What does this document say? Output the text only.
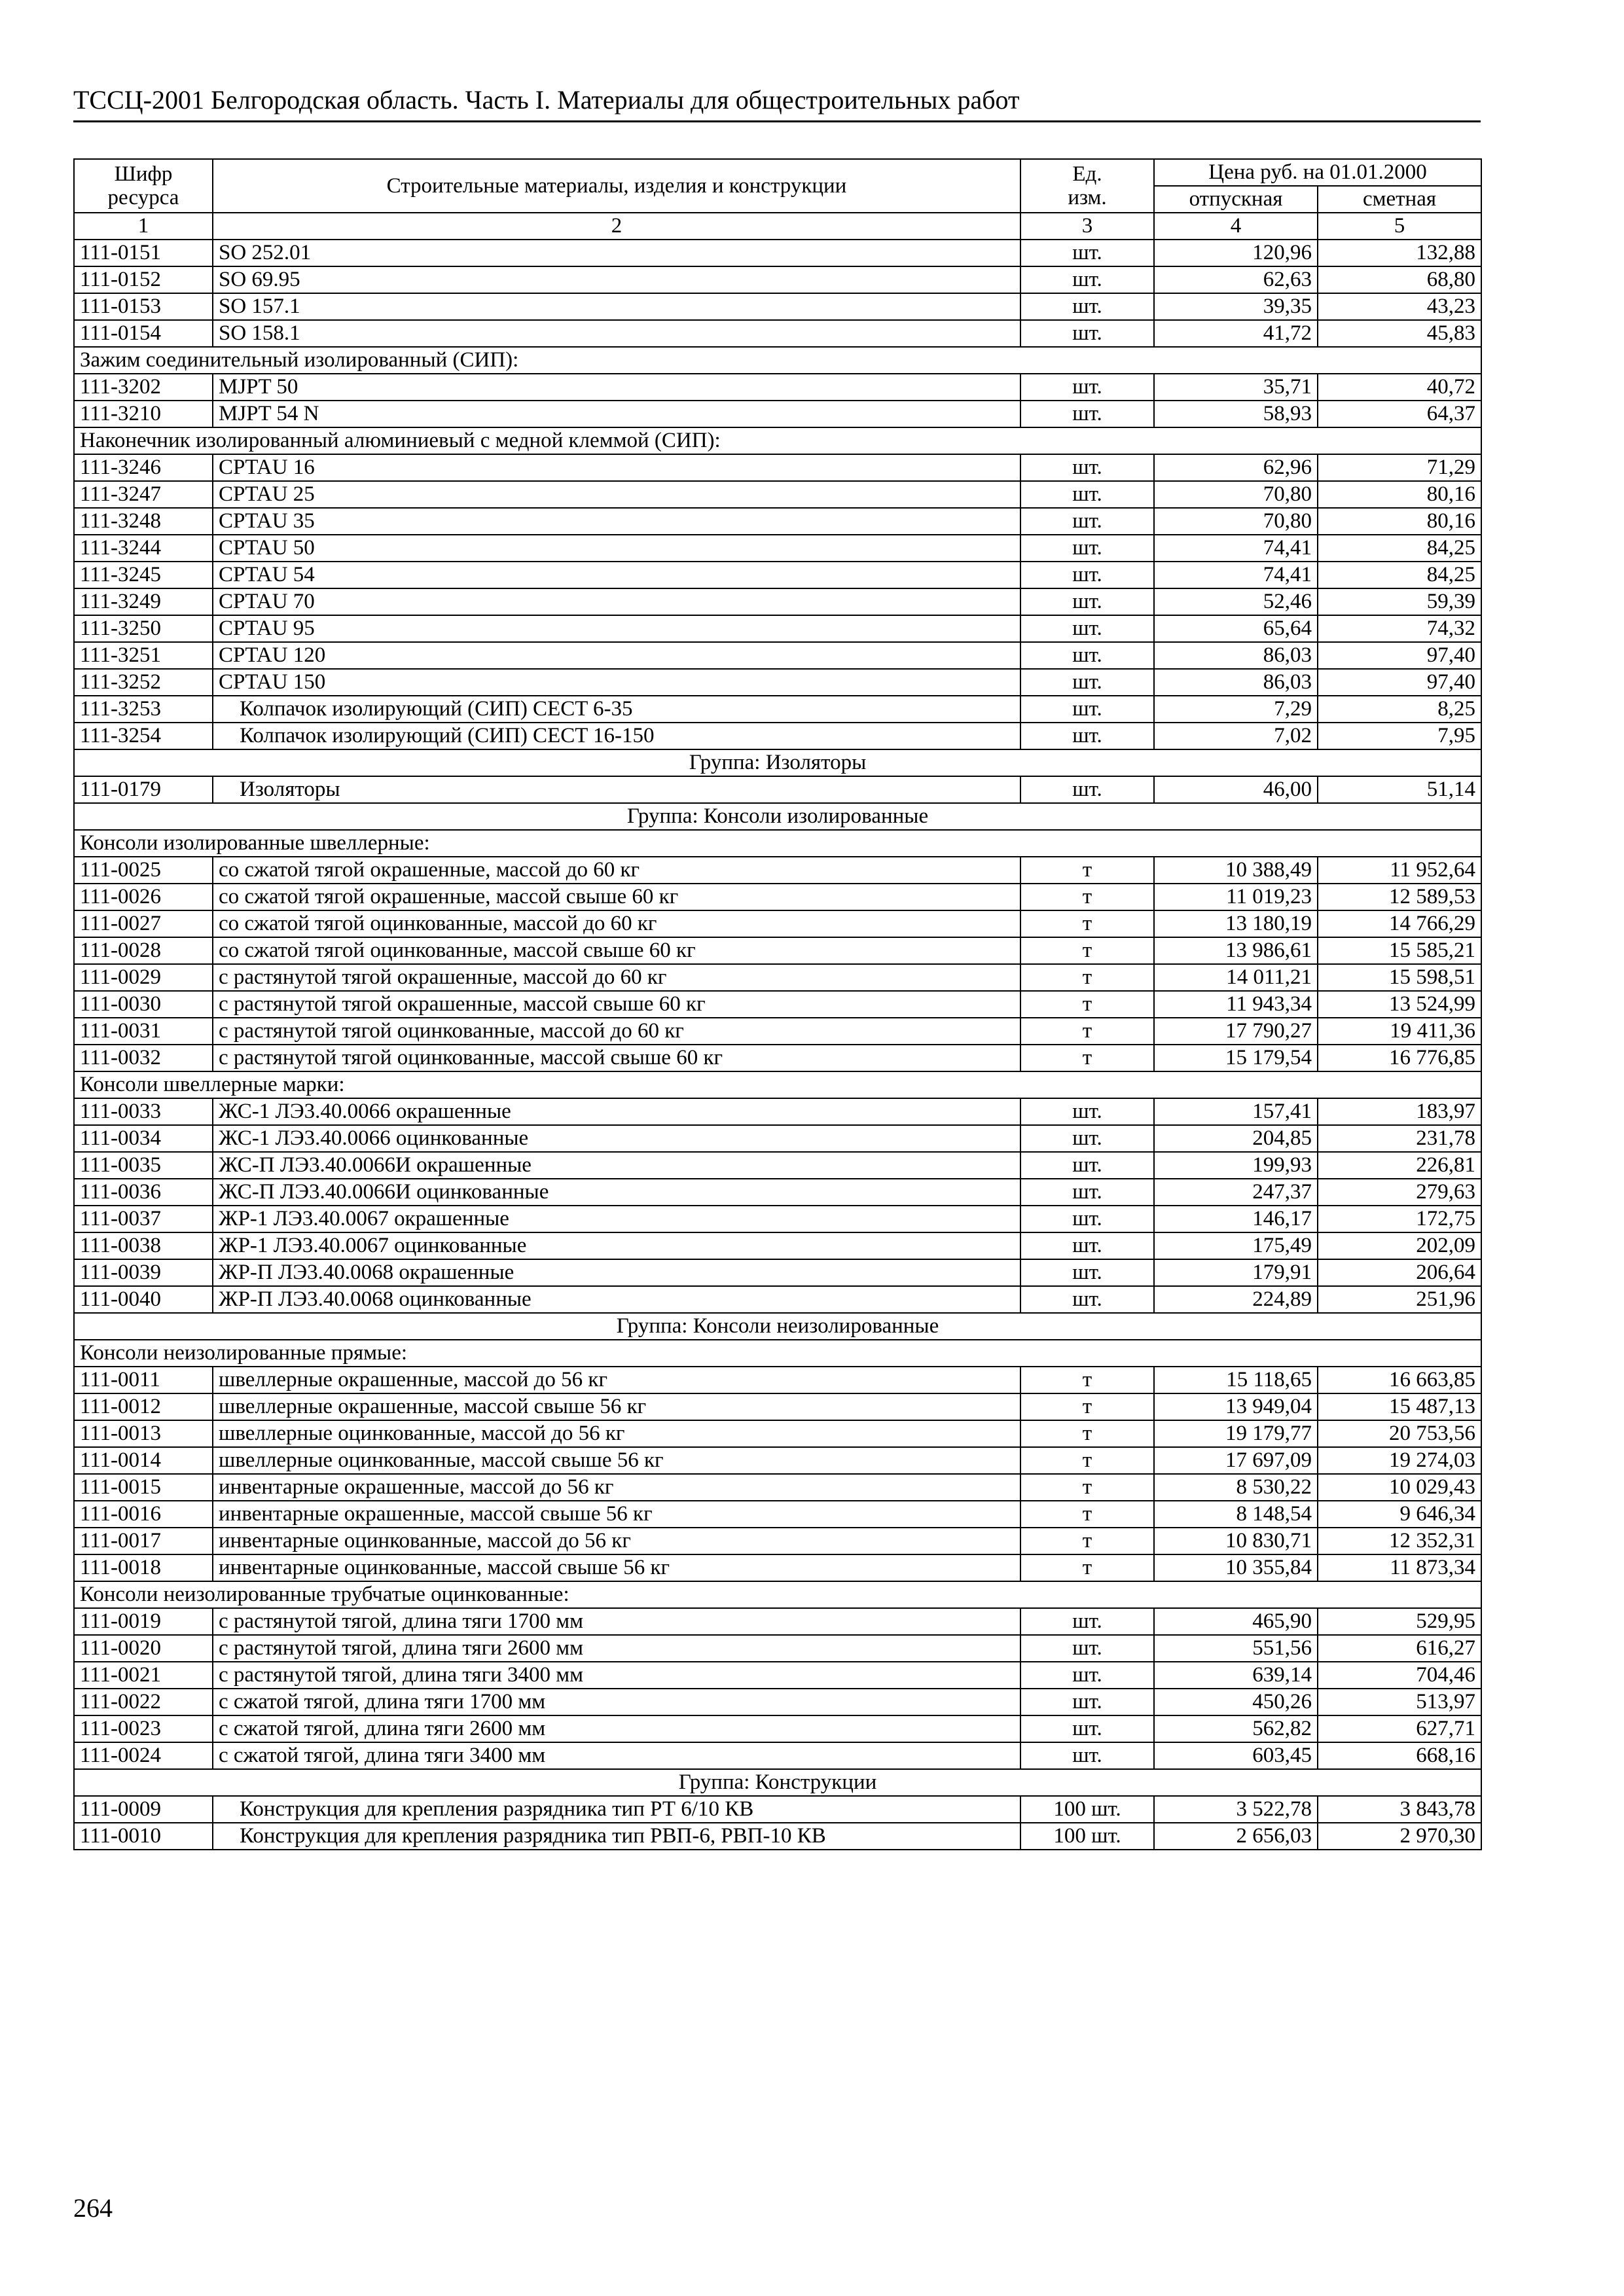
ТССЦ-2001 Белгородская область. Часть I. Материалы для общестроительных работ
Шифр ресурса	Строительные материалы, изделия и конструкции	Ед. изм.	Цена руб. на 01.01.2000	
			отпускная	сметная
1	2	3	4	5
111-0151	SO 252.01	шт.	120,96	132,88
111-0152	SO 69.95	шт.	62,63	68,80
111-0153	SO 157.1	шт.	39,35	43,23
111-0154	SO 158.1	шт.	41,72	45,83
Зажим соединительный изолированный (СИП):				
111-3202	MJPT 50	шт.	35,71	40,72
111-3210	MJPT 54 N	шт.	58,93	64,37
Наконечник изолированный алюминиевый с медной клеммой (СИП):				
111-3246	CPTAU 16	шт.	62,96	71,29
111-3247	CPTAU 25	шт.	70,80	80,16
111-3248	CPTAU 35	шт.	70,80	80,16
111-3244	CPTAU 50	шт.	74,41	84,25
111-3245	CPTAU 54	шт.	74,41	84,25
111-3249	CPTAU 70	шт.	52,46	59,39
111-3250	CPTAU 95	шт.	65,64	74,32
111-3251	CPTAU 120	шт.	86,03	97,40
111-3252	CPTAU 150	шт.	86,03	97,40
111-3253	Колпачок изолирующий (СИП) CECT 6-35	шт.	7,29	8,25
111-3254	Колпачок изолирующий (СИП) CECT 16-150	шт.	7,02	7,95
Группа: Изоляторы				
111-0179	Изоляторы	шт.	46,00	51,14
Группа: Консоли изолированные				
Консоли изолированные швеллерные:				
111-0025	со сжатой тягой окрашенные, массой до 60 кг	т	10 388,49	11 952,64
111-0026	со сжатой тягой окрашенные, массой свыше 60 кг	т	11 019,23	12 589,53
111-0027	со сжатой тягой оцинкованные, массой до 60 кг	т	13 180,19	14 766,29
111-0028	со сжатой тягой оцинкованные, массой свыше 60 кг	т	13 986,61	15 585,21
111-0029	с растянутой тягой окрашенные, массой до 60 кг	т	14 011,21	15 598,51
111-0030	с растянутой тягой окрашенные, массой свыше 60 кг	т	11 943,34	13 524,99
111-0031	с растянутой тягой оцинкованные, массой до 60 кг	т	17 790,27	19 411,36
111-0032	с растянутой тягой оцинкованные, массой свыше 60 кг	т	15 179,54	16 776,85
Консоли швеллерные марки:				
111-0033	ЖС-1 ЛЭ3.40.0066 окрашенные	шт.	157,41	183,97
111-0034	ЖС-1 ЛЭ3.40.0066 оцинкованные	шт.	204,85	231,78
111-0035	ЖС-П ЛЭ3.40.0066И окрашенные	шт.	199,93	226,81
111-0036	ЖС-П ЛЭ3.40.0066И оцинкованные	шт.	247,37	279,63
111-0037	ЖР-1 ЛЭ3.40.0067 окрашенные	шт.	146,17	172,75
111-0038	ЖР-1 ЛЭ3.40.0067 оцинкованные	шт.	175,49	202,09
111-0039	ЖР-П ЛЭ3.40.0068 окрашенные	шт.	179,91	206,64
111-0040	ЖР-П ЛЭ3.40.0068 оцинкованные	шт.	224,89	251,96
Группа: Консоли неизолированные				
Консоли неизолированные прямые:				
111-0011	швеллерные окрашенные, массой до 56 кг	т	15 118,65	16 663,85
111-0012	швеллерные окрашенные, массой свыше 56 кг	т	13 949,04	15 487,13
111-0013	швеллерные оцинкованные, массой до 56 кг	т	19 179,77	20 753,56
111-0014	швеллерные оцинкованные, массой свыше 56 кг	т	17 697,09	19 274,03
111-0015	инвентарные окрашенные, массой до 56 кг	т	8 530,22	10 029,43
111-0016	инвентарные окрашенные, массой свыше 56 кг	т	8 148,54	9 646,34
111-0017	инвентарные оцинкованные, массой до 56 кг	т	10 830,71	12 352,31
111-0018	инвентарные оцинкованные, массой свыше 56 кг	т	10 355,84	11 873,34
Консоли неизолированные трубчатые оцинкованные:				
111-0019	с растянутой тягой, длина тяги 1700 мм	шт.	465,90	529,95
111-0020	с растянутой тягой, длина тяги 2600 мм	шт.	551,56	616,27
111-0021	с растянутой тягой, длина тяги 3400 мм	шт.	639,14	704,46
111-0022	с сжатой тягой, длина тяги 1700 мм	шт.	450,26	513,97
111-0023	с сжатой тягой, длина тяги 2600 мм	шт.	562,82	627,71
111-0024	с сжатой тягой, длина тяги 3400 мм	шт.	603,45	668,16
Группа: Конструкции				
111-0009	Конструкция для крепления разрядника тип РТ 6/10 КВ	100 шт.	3 522,78	3 843,78
111-0010	Конструкция для крепления разрядника тип РВП-6, РВП-10 КВ	100 шт.	2 656,03	2 970,30
264
